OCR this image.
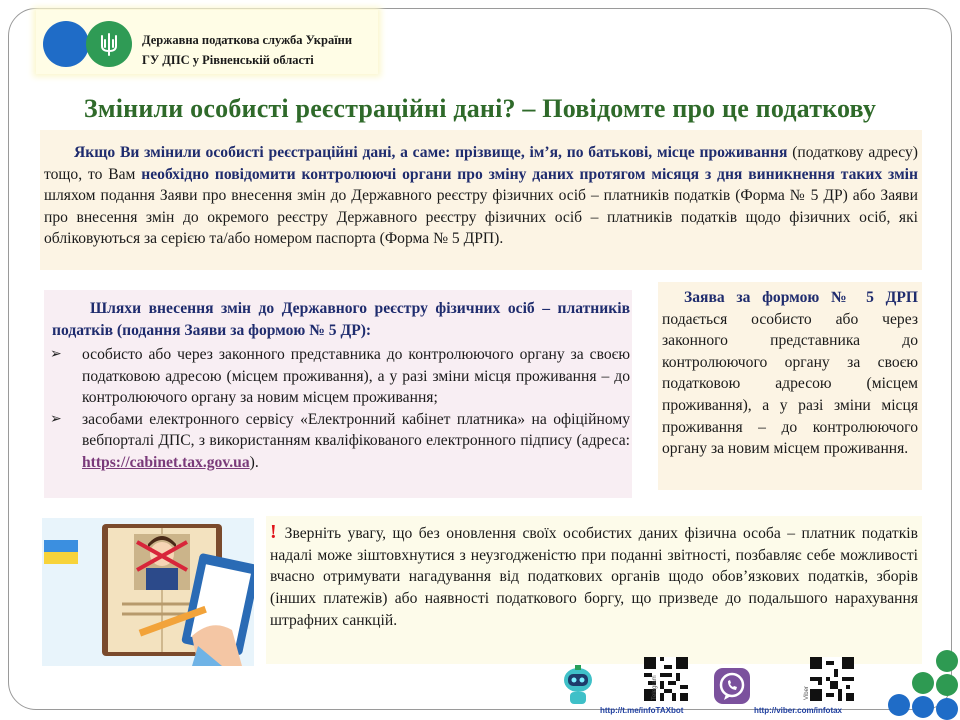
Державна податкова служба України
ГУ ДПС у Рівненській області
Змінили особисті реєстраційні дані? – Повідомте про це податкову
Якщо Ви змінили особисті реєстраційні дані, а саме: прізвище, ім’я, по батькові, місце проживання (податкову адресу) тощо, то Вам необхідно повідомити контролюючі органи про зміну даних протягом місяця з дня виникнення таких змін шляхом подання Заяви про внесення змін до Державного реєстру фізичних осіб – платників податків (Форма № 5 ДР) або Заяви про внесення змін до окремого реєстру Державного реєстру фізичних осіб – платників податків щодо фізичних осіб, які обліковуються за серією та/або номером паспорта (Форма № 5 ДРП).
Шляхи внесення змін до Державного реєстру фізичних осіб – платників податків (подання Заяви за формою № 5 ДР):
➢ особисто або через законного представника до контролюючого органу за своєю податковою адресою (місцем проживання), а у разі зміни місця проживання – до контролюючого органу за новим місцем проживання;
➢ засобами електронного сервісу «Електронний кабінет платника» на офіційному вебпорталі ДПС, з використанням кваліфікованого електронного підпису (адреса: https://cabinet.tax.gov.ua).
Заява за формою № 5 ДРП подається особисто або через законного представника до контролюючого органу за своєю податковою адресою (місцем проживання), а у разі зміни місця проживання – до контролюючого органу за новим місцем проживання.
! Зверніть увагу, що без оновлення своїх особистих даних фізична особа – платник податків надалі може зіштовхнутися з неузгодженістю при поданні звітності, позбавляє себе можливості вчасно отримувати нагадування від податкових органів щодо обов’язкових податків, зборів (інших платежів) або наявності податкового боргу, що призведе до подальшого нарахування штрафних санкцій.
Telegram
http://t.me/infoTAXbot
Viber
http://viber.com/infotax
